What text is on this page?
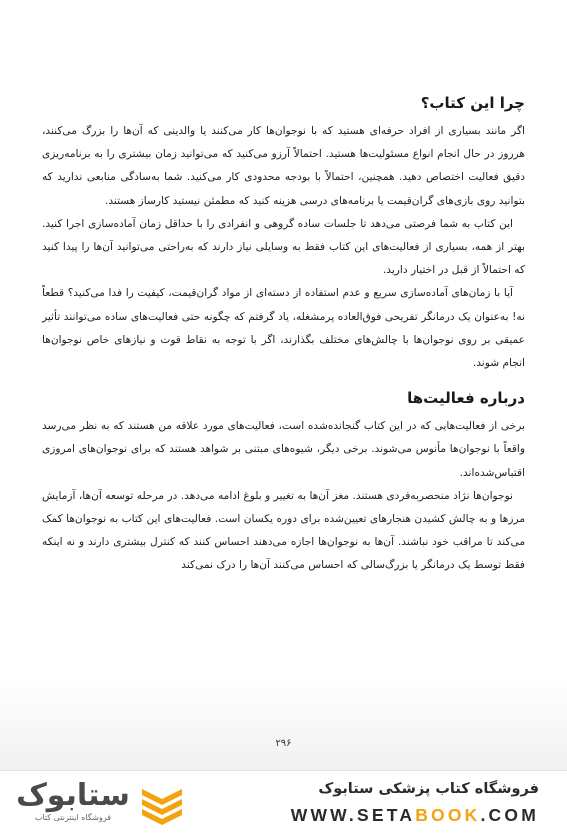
چرا این کتاب؟

اگر مانند بسیاری از افراد حرفه‌ای هستید که با نوجوان‌ها کار می‌کنند یا والدینی که آن‌ها را بزرگ می‌کنند، هرروز در حال انجام انواع مسئولیت‌ها هستید. احتمالاً آرزو می‌کنید که می‌توانید زمان بیشتری را به برنامه‌ریزی دقیق فعالیت اختصاص دهید. همچنین، احتمالاً با بودجه محدودی کار می‌کنید. شما به‌سادگی منابعی ندارید که بتوانید روی بازی‌های گران‌قیمت یا برنامه‌های درسی هزینه کنید که مطمئن نیستید کارساز هستند.

این کتاب به شما فرصتی می‌دهد تا جلسات ساده گروهی و انفرادی را با حداقل زمان آماده‌سازی اجرا کنید. بهتر از همه، بسیاری از فعالیت‌های این کتاب فقط به وسایلی نیاز دارند که به‌راحتی می‌توانید آن‌ها را پیدا کنید که احتمالاً از قبل در اختیار دارید.

آیا با زمان‌های آماده‌سازی سریع و عدم استفاده از دسته‌ای از مواد گران‌قیمت، کیفیت را فدا می‌کنید؟ قطعاً نه! به‌عنوان یک درمانگر تفریحی فوق‌العاده پرمشغله، یاد گرفتم که چگونه حتی فعالیت‌های ساده می‌توانند تأثیر عمیقی بر روی نوجوان‌ها با چالش‌های مختلف بگذارند، اگر با توجه به نقاط قوت و نیازهای خاص نوجوان‌ها انجام شوند.

درباره فعالیت‌ها

برخی از فعالیت‌هایی که در این کتاب گنجانده‌شده است، فعالیت‌های مورد علاقه من هستند که به نظر می‌رسد واقعاً با نوجوان‌ها مأنوس می‌شوند. برخی دیگر، شیوه‌های مبتنی بر شواهد هستند که برای نوجوان‌های امروزی اقتباس‌شده‌اند.

نوجوان‌ها نژاد منحصربه‌فردی هستند. مغز آن‌ها به تغییر و بلوغ ادامه می‌دهد. در مرحله توسعه آن‌ها، آزمایش مرزها و به چالش کشیدن هنجارهای تعیین‌شده برای دوره یکسان است. فعالیت‌های این کتاب به نوجوان‌ها کمک می‌کند تا مراقب خود نباشند. آن‌ها به نوجوان‌ها اجازه می‌دهند احساس کنند که کنترل بیشتری دارند و نه اینکه فقط توسط یک درمانگر یا بزرگ‌سالی که احساس می‌کنند آن‌ها را درک نمی‌کند

۲۹۶
ستابوک
فروشگاه اینترنتی کتاب
فروشگاه کتاب پزشکی ستابوک
WWW.SETABOOK.COM
